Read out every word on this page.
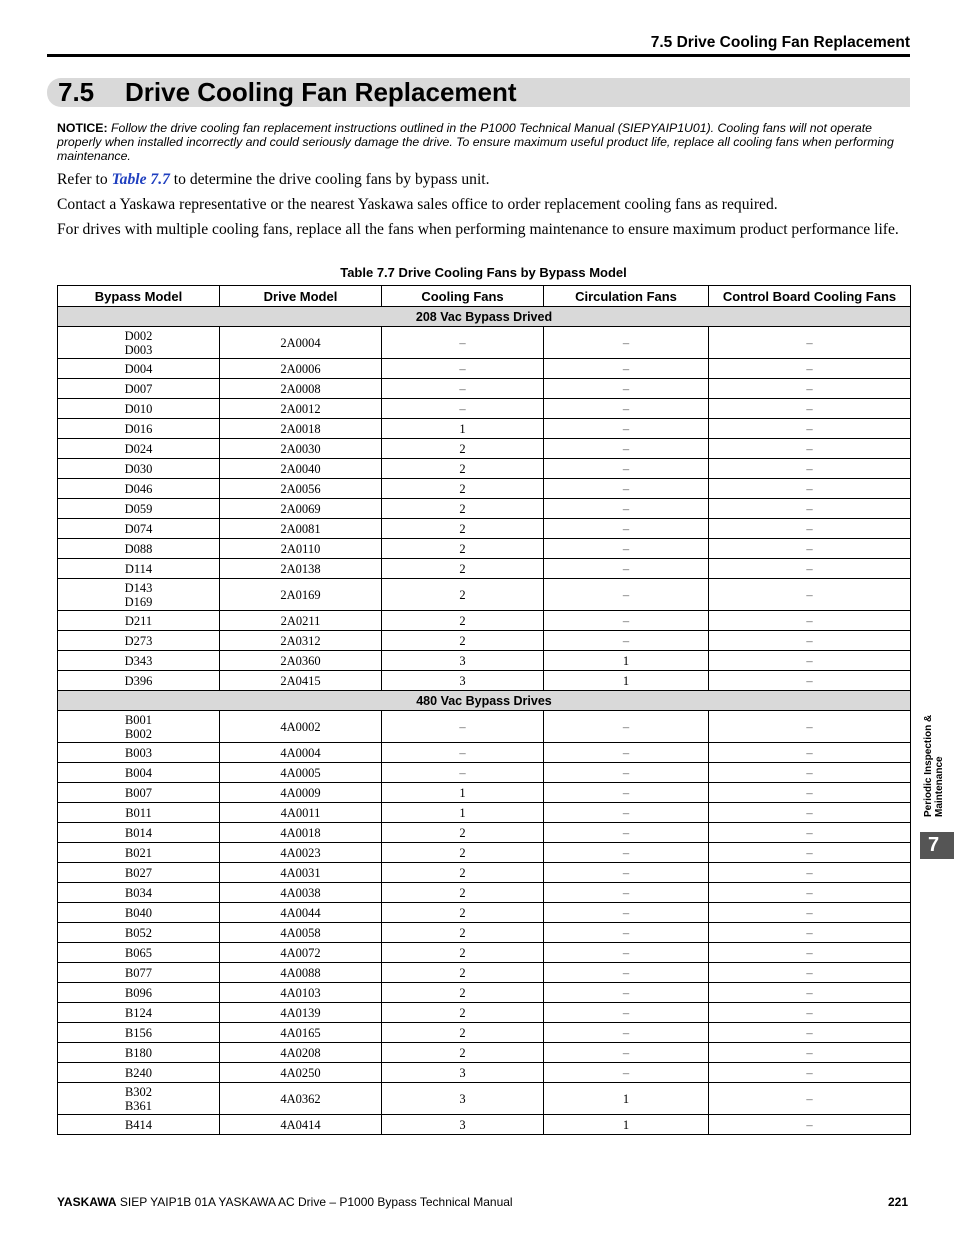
7.5 Drive Cooling Fan Replacement
7.5 Drive Cooling Fan Replacement
NOTICE: Follow the drive cooling fan replacement instructions outlined in the P1000 Technical Manual (SIEPYAIP1U01). Cooling fans will not operate properly when installed incorrectly and could seriously damage the drive. To ensure maximum useful product life, replace all cooling fans when performing maintenance.
Refer to Table 7.7 to determine the drive cooling fans by bypass unit.
Contact a Yaskawa representative or the nearest Yaskawa sales office to order replacement cooling fans as required.
For drives with multiple cooling fans, replace all the fans when performing maintenance to ensure maximum product performance life.
Table 7.7 Drive Cooling Fans by Bypass Model
Bypass Model	Drive Model	Cooling Fans	Circulation Fans	Control Board Cooling Fans
208 Vac Bypass Drived				

D002
D003	2A0004	–	–	–

D004	2A0006	–	–	–

D007	2A0008	–	–	–

D010	2A0012	–	–	–

D016	2A0018	1	–	–

D024	2A0030	2	–	–

D030	2A0040	2	–	–

D046	2A0056	2	–	–

D059	2A0069	2	–	–

D074	2A0081	2	–	–

D088	2A0110	2	–	–

D114	2A0138	2	–	–

D143
D169	2A0169	2	–	–

D211	2A0211	2	–	–

D273	2A0312	2	–	–

D343	2A0360	3	1	–

D396	2A0415	3	1	–
480 Vac Bypass Drives				

B001
B002	4A0002	–	–	–

B003	4A0004	–	–	–

B004	4A0005	–	–	–

B007	4A0009	1	–	–

B011	4A0011	1	–	–

B014	4A0018	2	–	–

B021	4A0023	2	–	–

B027	4A0031	2	–	–

B034	4A0038	2	–	–

B040	4A0044	2	–	–

B052	4A0058	2	–	–

B065	4A0072	2	–	–

B077	4A0088	2	–	–

B096	4A0103	2	–	–

B124	4A0139	2	–	–

B156	4A0165	2	–	–

B180	4A0208	2	–	–

B240	4A0250	3	–	–

B302
B361	4A0362	3	1	–

B414	4A0414	3	1	–
Periodic Inspection & Maintenance
7
YASKAWA SIEP YAIP1B 01A YASKAWA AC Drive – P1000 Bypass Technical Manual	221
